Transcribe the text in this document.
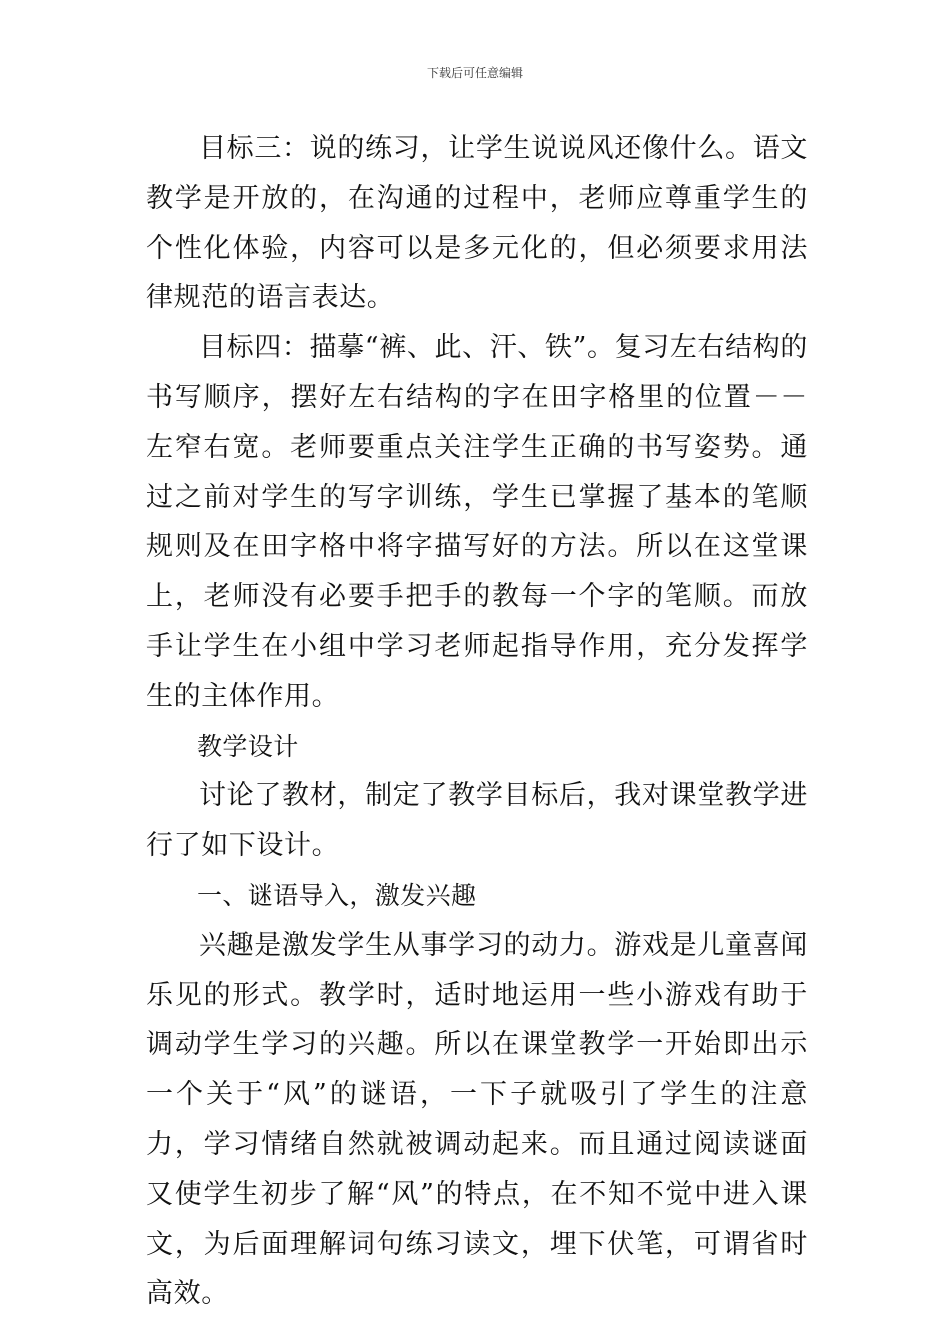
下载后可任意编辑

目标三：说的练习，让学生说说风还像什么。语文教学是开放的，在沟通的过程中，老师应尊重学生的个性化体验，内容可以是多元化的，但必须要求用法律规范的语言表达。

目标四：描摹“裤、此、汗、铁”。复习左右结构的书写顺序，摆好左右结构的字在田字格里的位置－－左窄右宽。老师要重点关注学生正确的书写姿势。通过之前对学生的写字训练，学生已掌握了基本的笔顺规则及在田字格中将字描写好的方法。所以在这堂课上，老师没有必要手把手的教每一个字的笔顺。而放手让学生在小组中学习老师起指导作用，充分发挥学生的主体作用。

教学设计

讨论了教材，制定了教学目标后，我对课堂教学进行了如下设计。

一、谜语导入，激发兴趣

兴趣是激发学生从事学习的动力。游戏是儿童喜闻乐见的形式。教学时，适时地运用一些小游戏有助于调动学生学习的兴趣。所以在课堂教学一开始即出示一个关于“风”的谜语，一下子就吸引了学生的注意力，学习情绪自然就被调动起来。而且通过阅读谜面又使学生初步了解“风”的特点，在不知不觉中进入课文，为后面理解词句练习读文，埋下伏笔，可谓省时高效。
